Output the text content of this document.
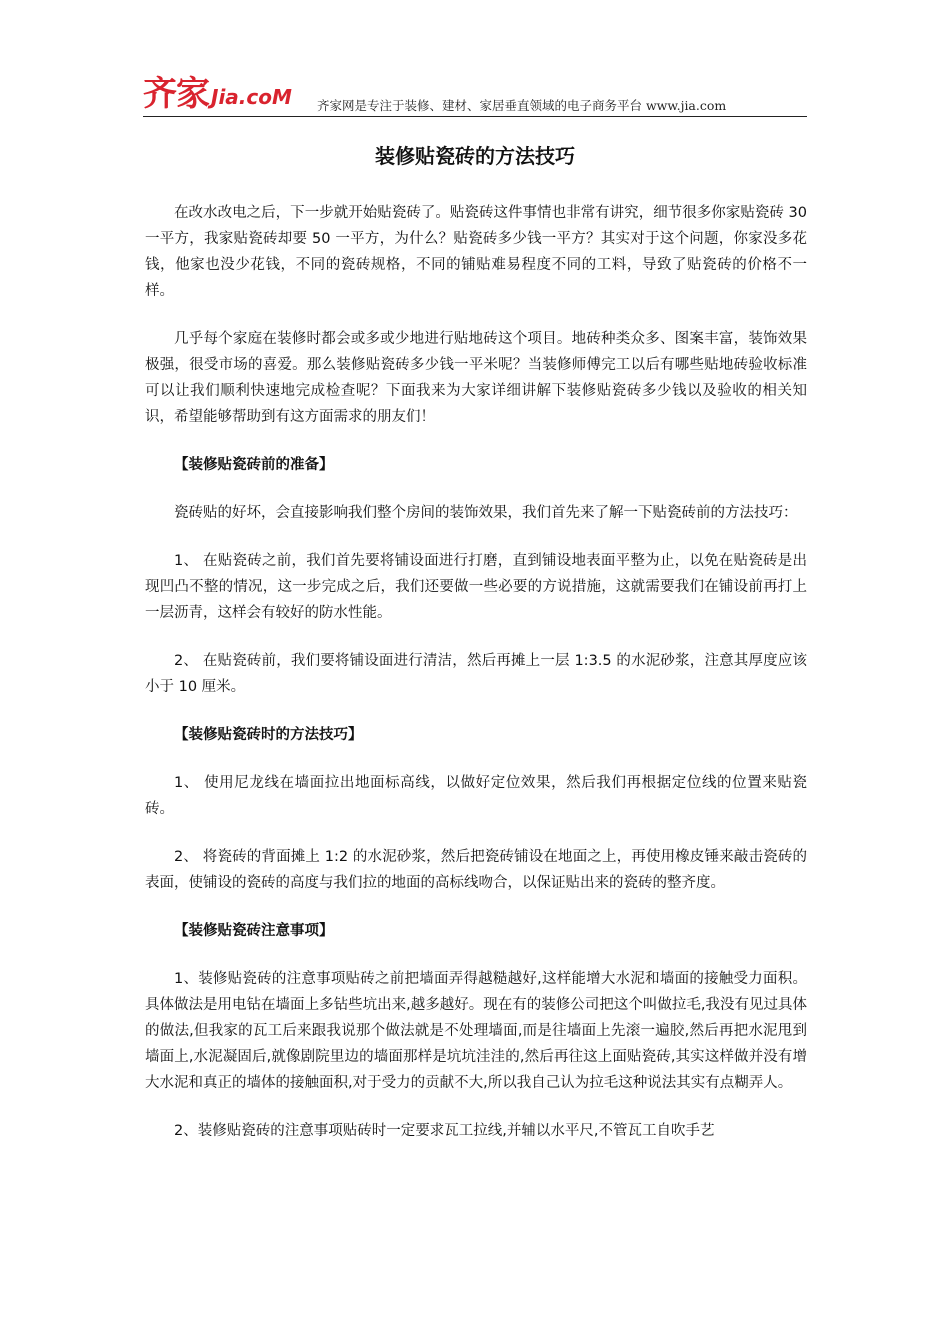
齐家 Jia.coM 齐家网是专注于装修、建材、家居垂直领域的电子商务平台 www.jia.com
装修贴瓷砖的方法技巧

在改水改电之后，下一步就开始贴瓷砖了。贴瓷砖这件事情也非常有讲究，细节很多你家贴瓷砖 30 一平方，我家贴瓷砖却要 50 一平方，为什么？贴瓷砖多少钱一平方？其实对于这个问题，你家没多花钱，他家也没少花钱，不同的瓷砖规格，不同的铺贴难易程度不同的工料，导致了贴瓷砖的价格不一样。

几乎每个家庭在装修时都会或多或少地进行贴地砖这个项目。地砖种类众多、图案丰富，装饰效果极强，很受市场的喜爱。那么装修贴瓷砖多少钱一平米呢？当装修师傅完工以后有哪些贴地砖验收标准可以让我们顺利快速地完成检查呢？下面我来为大家详细讲解下装修贴瓷砖多少钱以及验收的相关知识，希望能够帮助到有这方面需求的朋友们！

【装修贴瓷砖前的准备】

瓷砖贴的好坏，会直接影响我们整个房间的装饰效果，我们首先来了解一下贴瓷砖前的方法技巧：

1、 在贴瓷砖之前，我们首先要将铺设面进行打磨，直到铺设地表面平整为止，以免在贴瓷砖是出现凹凸不整的情况，这一步完成之后，我们还要做一些必要的方说措施，这就需要我们在铺设前再打上一层沥青，这样会有较好的防水性能。

2、 在贴瓷砖前，我们要将铺设面进行清洁，然后再摊上一层 1:3.5 的水泥砂浆，注意其厚度应该小于 10 厘米。

【装修贴瓷砖时的方法技巧】

1、 使用尼龙线在墙面拉出地面标高线，以做好定位效果，然后我们再根据定位线的位置来贴瓷砖。

2、 将瓷砖的背面摊上 1:2 的水泥砂浆，然后把瓷砖铺设在地面之上，再使用橡皮锤来敲击瓷砖的表面，使铺设的瓷砖的高度与我们拉的地面的高标线吻合，以保证贴出来的瓷砖的整齐度。

【装修贴瓷砖注意事项】

1、装修贴瓷砖的注意事项贴砖之前把墙面弄得越糙越好,这样能增大水泥和墙面的接触受力面积。具体做法是用电钻在墙面上多钻些坑出来,越多越好。现在有的装修公司把这个叫做拉毛,我没有见过具体的做法,但我家的瓦工后来跟我说那个做法就是不处理墙面,而是往墙面上先滚一遍胶,然后再把水泥甩到墙面上,水泥凝固后,就像剧院里边的墙面那样是坑坑洼洼的,然后再往这上面贴瓷砖,其实这样做并没有增大水泥和真正的墙体的接触面积,对于受力的贡献不大,所以我自己认为拉毛这种说法其实有点糊弄人。

2、装修贴瓷砖的注意事项贴砖时一定要求瓦工拉线,并辅以水平尺,不管瓦工自吹手艺
